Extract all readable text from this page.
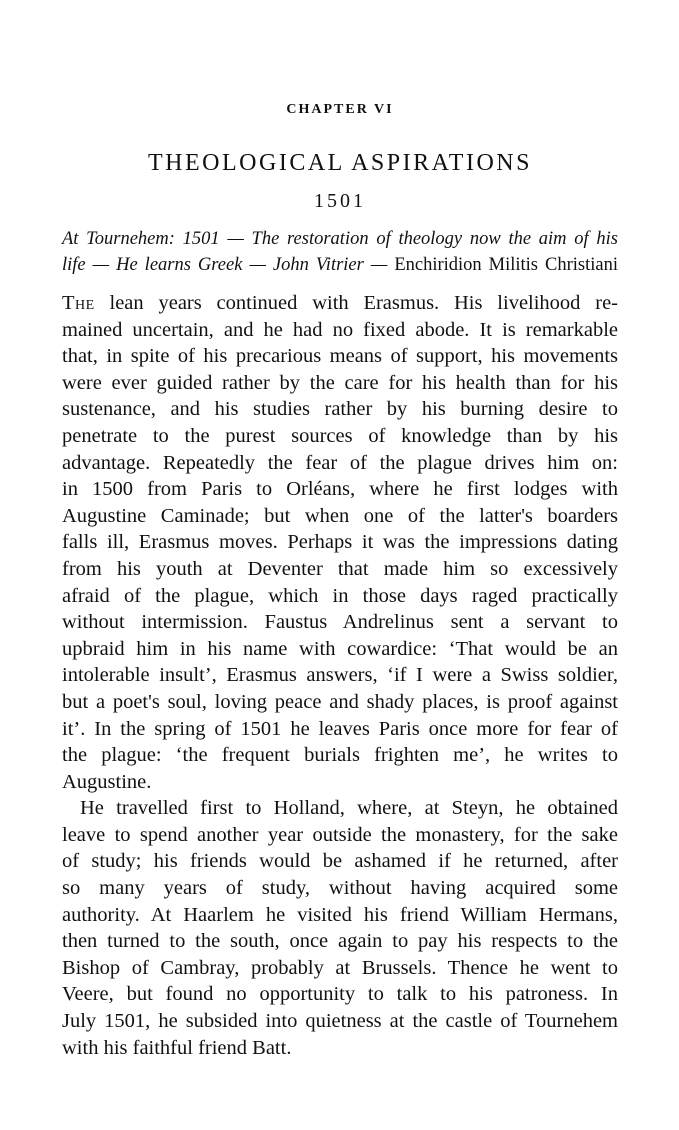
CHAPTER VI
THEOLOGICAL ASPIRATIONS
1501
At Tournehem: 1501 — The restoration of theology now the aim of his
life — He learns Greek — John Vitrier — Enchiridion Militis Christiani
The lean years continued with Erasmus. His livelihood re-
mained uncertain, and he had no fixed abode. It is remarkable
that, in spite of his precarious means of support, his movements
were ever guided rather by the care for his health than for his
sustenance, and his studies rather by his burning desire to
penetrate to the purest sources of knowledge than by his
advantage. Repeatedly the fear of the plague drives him on:
in 1500 from Paris to Orléans, where he first lodges with
Augustine Caminade; but when one of the latter's boarders
falls ill, Erasmus moves. Perhaps it was the impressions dating
from his youth at Deventer that made him so excessively
afraid of the plague, which in those days raged practically
without intermission. Faustus Andrelinus sent a servant to
upbraid him in his name with cowardice: ‘That would be an
intolerable insult’, Erasmus answers, ‘if I were a Swiss soldier,
but a poet's soul, loving peace and shady places, is proof against
it’. In the spring of 1501 he leaves Paris once more for fear of
the plague: ‘the frequent burials frighten me’, he writes to
Augustine.
He travelled first to Holland, where, at Steyn, he obtained
leave to spend another year outside the monastery, for the sake
of study; his friends would be ashamed if he returned, after
so many years of study, without having acquired some
authority. At Haarlem he visited his friend William Hermans,
then turned to the south, once again to pay his respects to the
Bishop of Cambray, probably at Brussels. Thence he went to
Veere, but found no opportunity to talk to his patroness. In
July 1501, he subsided into quietness at the castle of Tournehem
with his faithful friend Batt.
